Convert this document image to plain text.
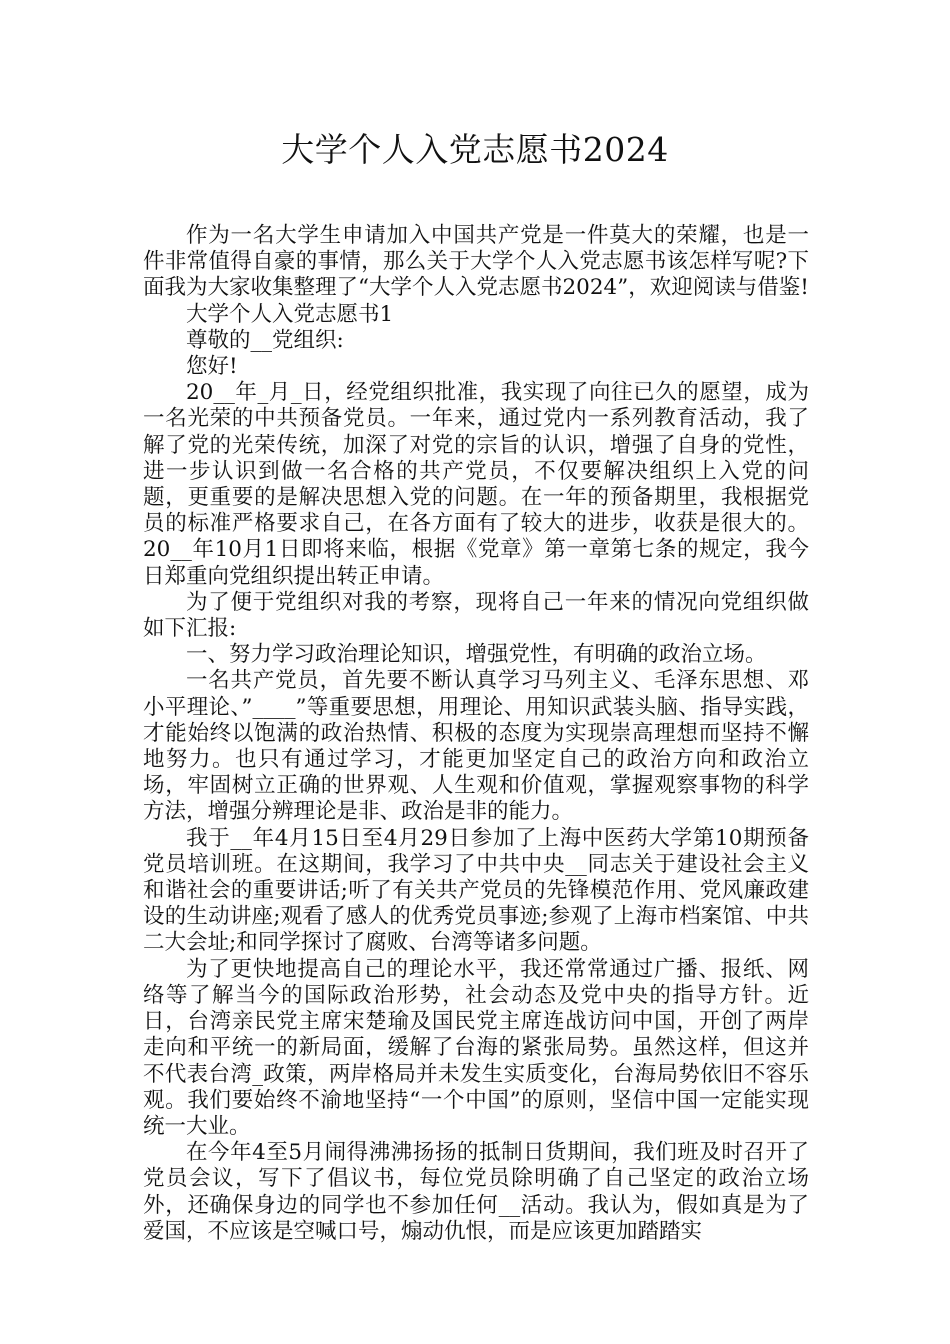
大学个人入党志愿书2024

作为一名大学生申请加入中国共产党是一件莫大的荣耀，也是一件非常值得自豪的事情，那么关于大学个人入党志愿书该怎样写呢?下面我为大家收集整理了“大学个人入党志愿书2024”，欢迎阅读与借鉴!

大学个人入党志愿书1

尊敬的__党组织:

您好!

20__年_月_日，经党组织批准，我实现了向往已久的愿望，成为一名光荣的中共预备党员。一年来，通过党内一系列教育活动，我了解了党的光荣传统，加深了对党的宗旨的认识，增强了自身的党性，进一步认识到做一名合格的共产党员，不仅要解决组织上入党的问题，更重要的是解决思想入党的问题。在一年的预备期里，我根据党员的标准严格要求自己，在各方面有了较大的进步，收获是很大的。20__年10月1日即将来临，根据《党章》第一章第七条的规定，我今日郑重向党组织提出转正申请。

为了便于党组织对我的考察，现将自己一年来的情况向党组织做如下汇报:

一、努力学习政治理论知识，增强党性，有明确的政治立场。

一名共产党员，首先要不断认真学习马列主义、毛泽东思想、邓小平理论、”____”等重要思想，用理论、用知识武装头脑、指导实践，才能始终以饱满的政治热情、积极的态度为实现崇高理想而坚持不懈地努力。也只有通过学习，才能更加坚定自己的政治方向和政治立场，牢固树立正确的世界观、人生观和价值观，掌握观察事物的科学方法，增强分辨理论是非、政治是非的能力。

我于__年4月15日至4月29日参加了上海中医药大学第10期预备党员培训班。在这期间，我学习了中共中央__同志关于建设社会主义和谐社会的重要讲话;听了有关共产党员的先锋模范作用、党风廉政建设的生动讲座;观看了感人的优秀党员事迹;参观了上海市档案馆、中共二大会址;和同学探讨了腐败、台湾等诸多问题。

为了更快地提高自己的理论水平，我还常常通过广播、报纸、网络等了解当今的国际政治形势，社会动态及党中央的指导方针。近日，台湾亲民党主席宋楚瑜及国民党主席连战访问中国，开创了两岸走向和平统一的新局面，缓解了台海的紧张局势。虽然这样，但这并不代表台湾_政策，两岸格局并未发生实质变化，台海局势依旧不容乐观。我们要始终不渝地坚持“一个中国”的原则，坚信中国一定能实现统一大业。

在今年4至5月闹得沸沸扬扬的抵制日货期间，我们班及时召开了党员会议，写下了倡议书，每位党员除明确了自己坚定的政治立场外，还确保身边的同学也不参加任何__活动。我认为，假如真是为了爱国，不应该是空喊口号，煽动仇恨，而是应该更加踏踏实
